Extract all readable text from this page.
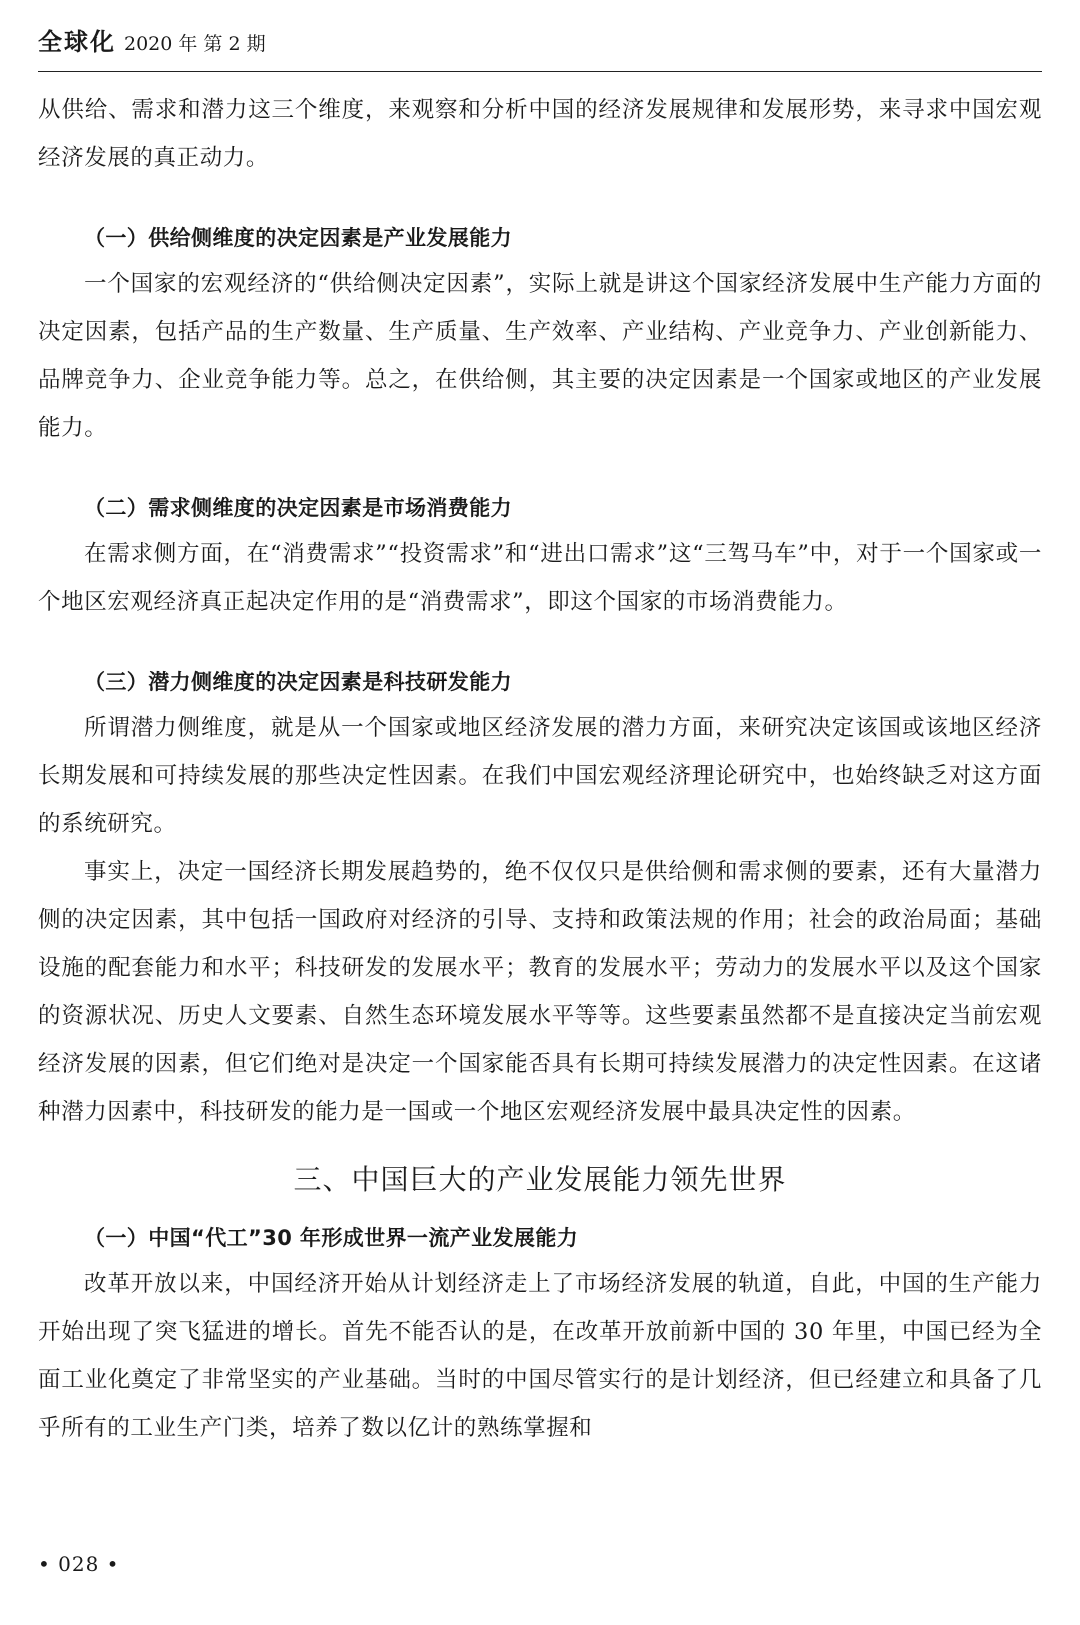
全球化 2020 年 第 2 期

从供给、需求和潜力这三个维度，来观察和分析中国的经济发展规律和发展形势，来寻求中国宏观经济发展的真正动力。

（一）供给侧维度的决定因素是产业发展能力

一个国家的宏观经济的“供给侧决定因素”，实际上就是讲这个国家经济发展中生产能力方面的决定因素，包括产品的生产数量、生产质量、生产效率、产业结构、产业竞争力、产业创新能力、品牌竞争力、企业竞争能力等。总之，在供给侧，其主要的决定因素是一个国家或地区的产业发展能力。

（二）需求侧维度的决定因素是市场消费能力

在需求侧方面，在“消费需求”“投资需求”和“进出口需求”这“三驾马车”中，对于一个国家或一个地区宏观经济真正起决定作用的是“消费需求”，即这个国家的市场消费能力。

（三）潜力侧维度的决定因素是科技研发能力

所谓潜力侧维度，就是从一个国家或地区经济发展的潜力方面，来研究决定该国或该地区经济长期发展和可持续发展的那些决定性因素。在我们中国宏观经济理论研究中，也始终缺乏对这方面的系统研究。

事实上，决定一国经济长期发展趋势的，绝不仅仅只是供给侧和需求侧的要素，还有大量潜力侧的决定因素，其中包括一国政府对经济的引导、支持和政策法规的作用；社会的政治局面；基础设施的配套能力和水平；科技研发的发展水平；教育的发展水平；劳动力的发展水平以及这个国家的资源状况、历史人文要素、自然生态环境发展水平等等。这些要素虽然都不是直接决定当前宏观经济发展的因素，但它们绝对是决定一个国家能否具有长期可持续发展潜力的决定性因素。在这诸种潜力因素中，科技研发的能力是一国或一个地区宏观经济发展中最具决定性的因素。

三、中国巨大的产业发展能力领先世界
（一）中国“代工”30 年形成世界一流产业发展能力

改革开放以来，中国经济开始从计划经济走上了市场经济发展的轨道，自此，中国的生产能力开始出现了突飞猛进的增长。首先不能否认的是，在改革开放前新中国的 30 年里，中国已经为全面工业化奠定了非常坚实的产业基础。当时的中国尽管实行的是计划经济，但已经建立和具备了几乎所有的工业生产门类，培养了数以亿计的熟练掌握和

• 028 •
